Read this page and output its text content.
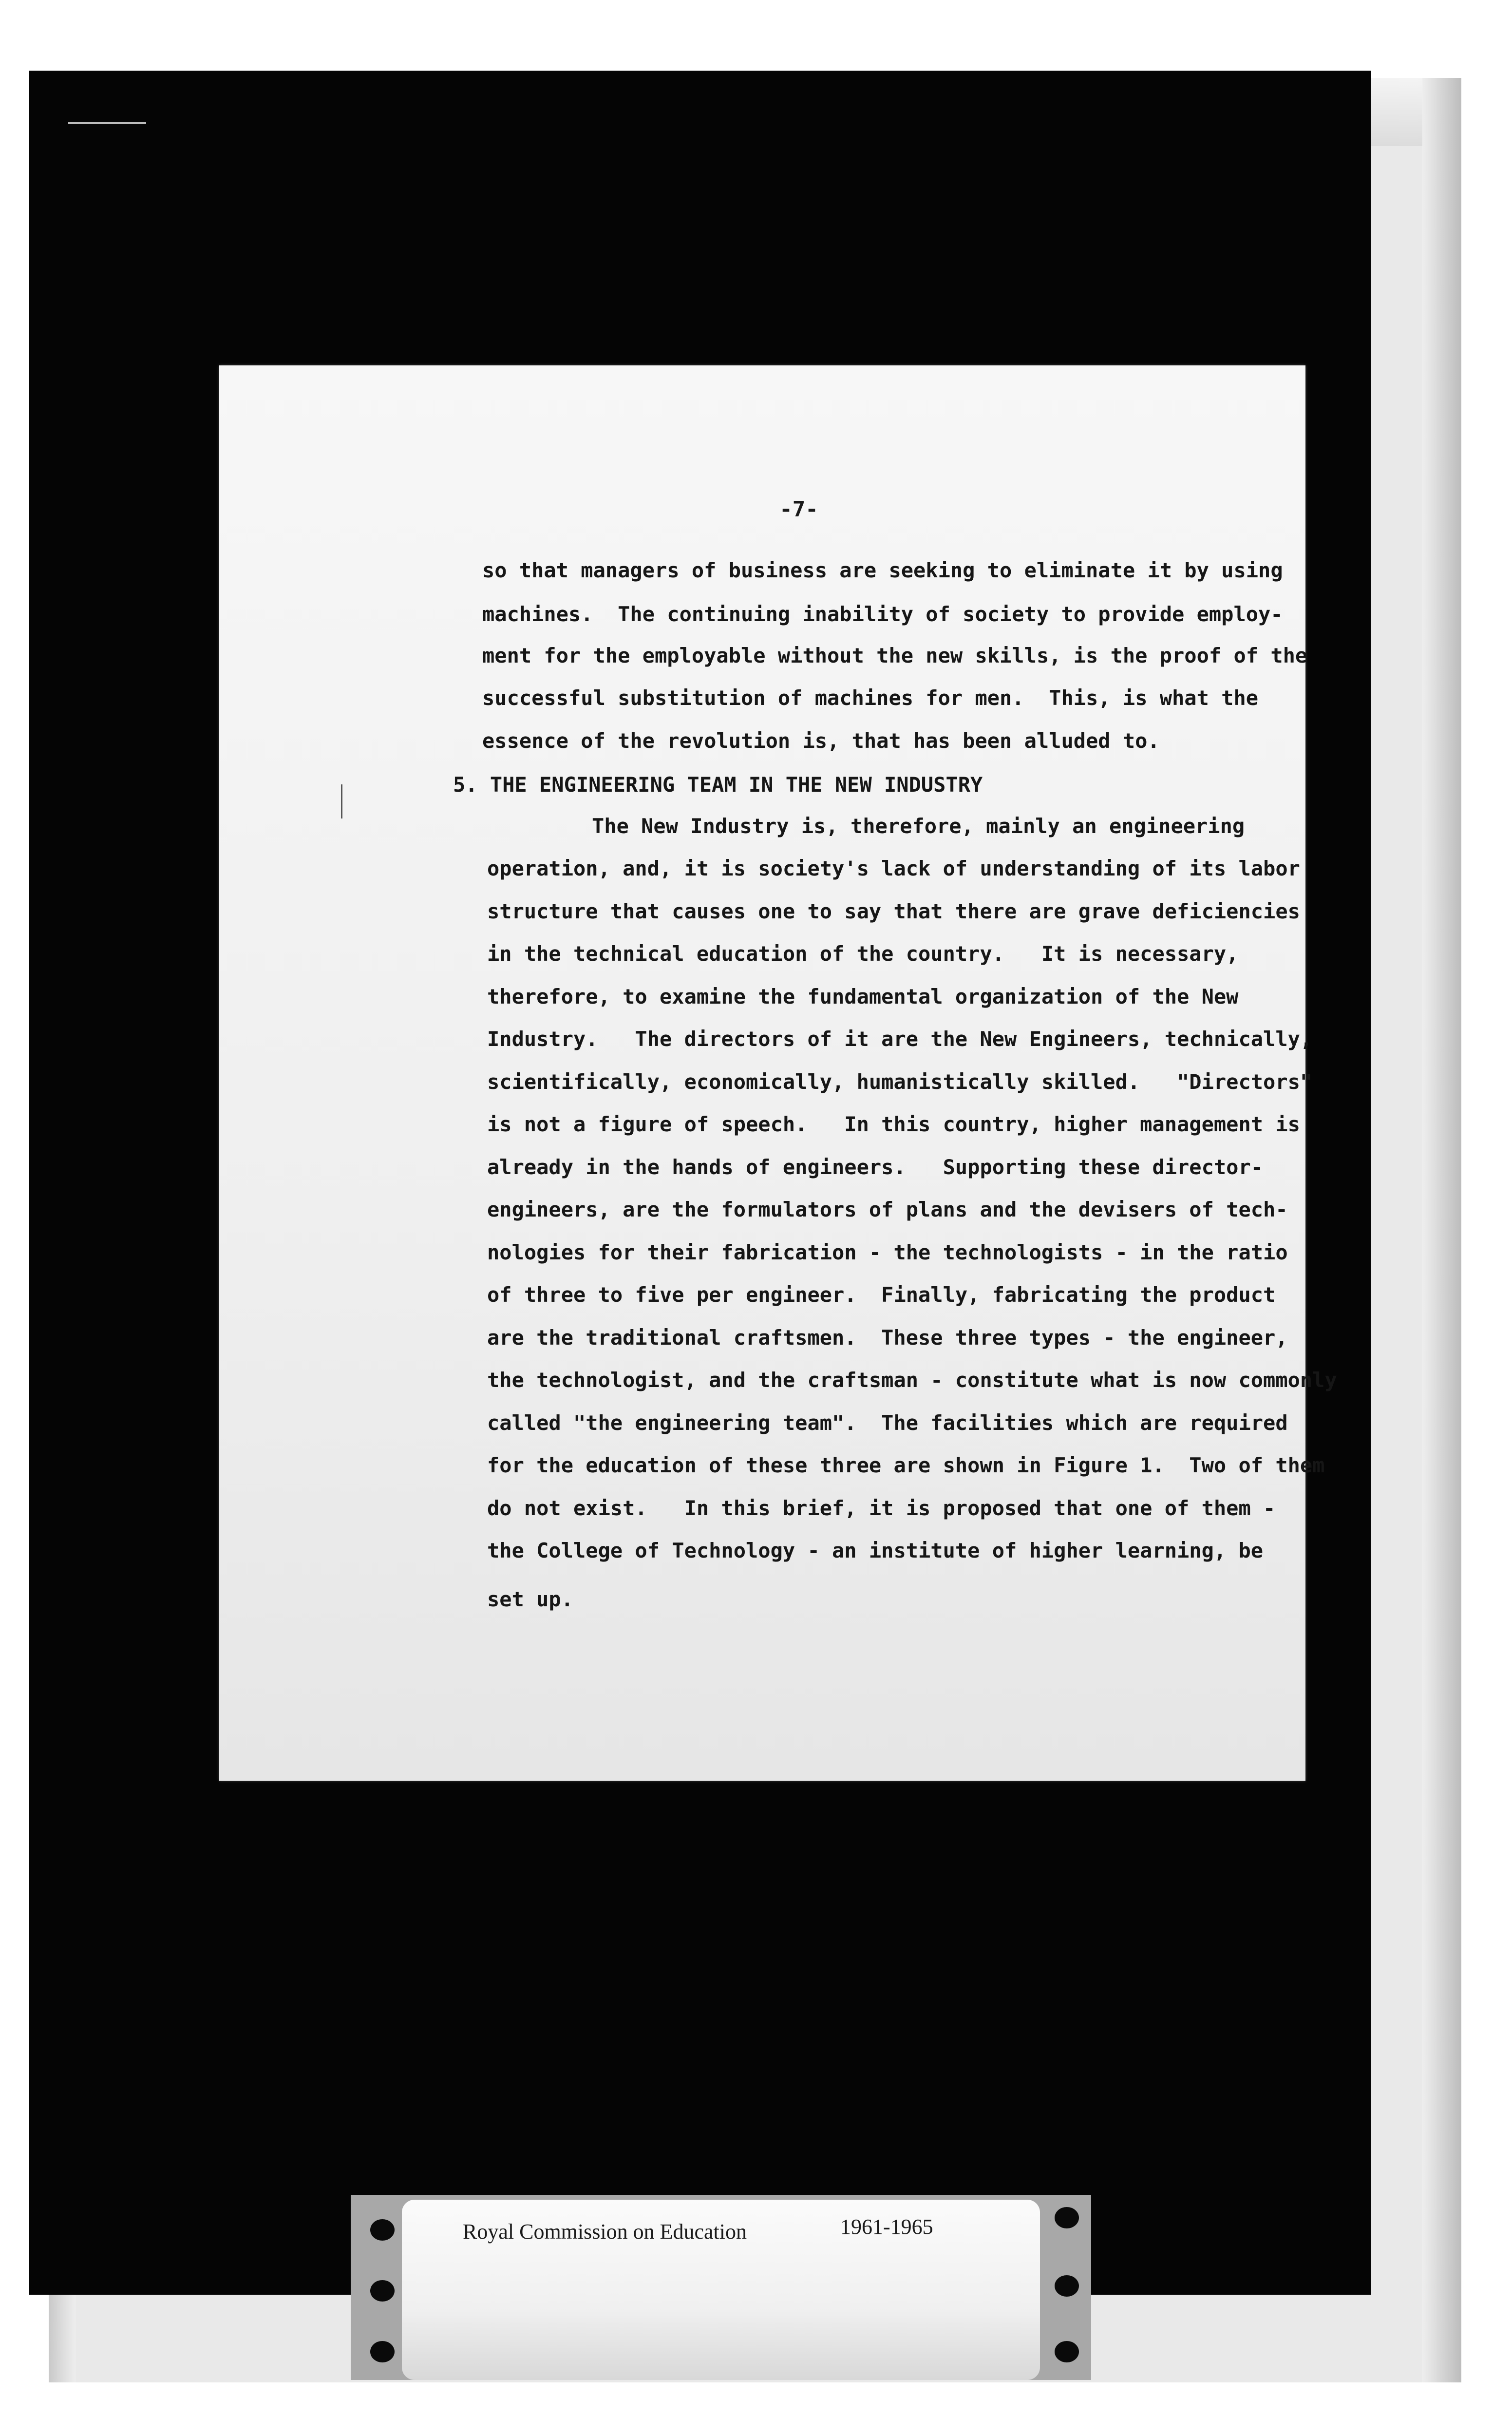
-7-
so that managers of business are seeking to eliminate it by using
machines.  The continuing inability of society to provide employ-
ment for the employable without the new skills, is the proof of the
successful substitution of machines for men.  This, is what the
essence of the revolution is, that has been alluded to.
5. THE ENGINEERING TEAM IN THE NEW INDUSTRY
The New Industry is, therefore, mainly an engineering
operation, and, it is society's lack of understanding of its labor
structure that causes one to say that there are grave deficiencies
in the technical education of the country.   It is necessary,
therefore, to examine the fundamental organization of the New
Industry.   The directors of it are the New Engineers, technically,
scientifically, economically, humanistically skilled.   "Directors"
is not a figure of speech.   In this country, higher management is
already in the hands of engineers.   Supporting these director-
engineers, are the formulators of plans and the devisers of tech-
nologies for their fabrication - the technologists - in the ratio
of three to five per engineer.  Finally, fabricating the product
are the traditional craftsmen.  These three types - the engineer,
the technologist, and the craftsman - constitute what is now commonly
called "the engineering team".  The facilities which are required
for the education of these three are shown in Figure 1.  Two of them
do not exist.   In this brief, it is proposed that one of them -
the College of Technology - an institute of higher learning, be
set up.
Royal Commission on Education	1961-1965
